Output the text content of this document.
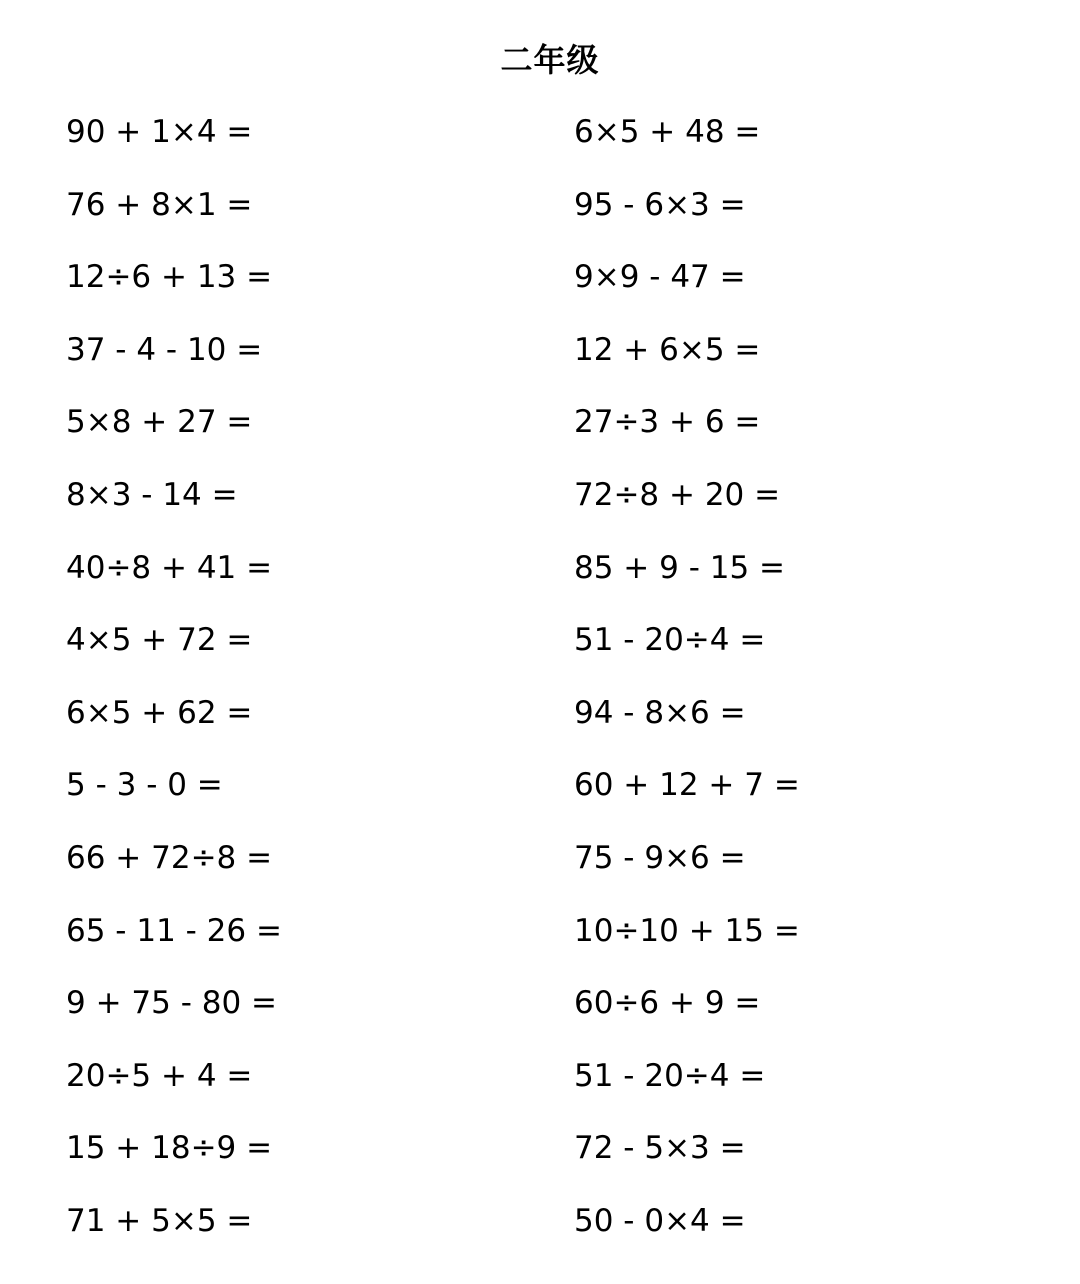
二年级
90 + 1×4 =	6×5 + 48 =
76 + 8×1 =	95 - 6×3 =
12÷6 + 13 =	9×9 - 47 =
37 - 4 - 10 =	12 + 6×5 =
5×8 + 27 =	27÷3 + 6 =
8×3 - 14 =	72÷8 + 20 =
40÷8 + 41 =	85 + 9 - 15 =
4×5 + 72 =	51 - 20÷4 =
6×5 + 62 =	94 - 8×6 =
5 - 3 - 0 =	60 + 12 + 7 =
66 + 72÷8 =	75 - 9×6 =
65 - 11 - 26 =	10÷10 + 15 =
9 + 75 - 80 =	60÷6 + 9 =
20÷5 + 4 =	51 - 20÷4 =
15 + 18÷9 =	72 - 5×3 =
71 + 5×5 =	50 - 0×4 =
